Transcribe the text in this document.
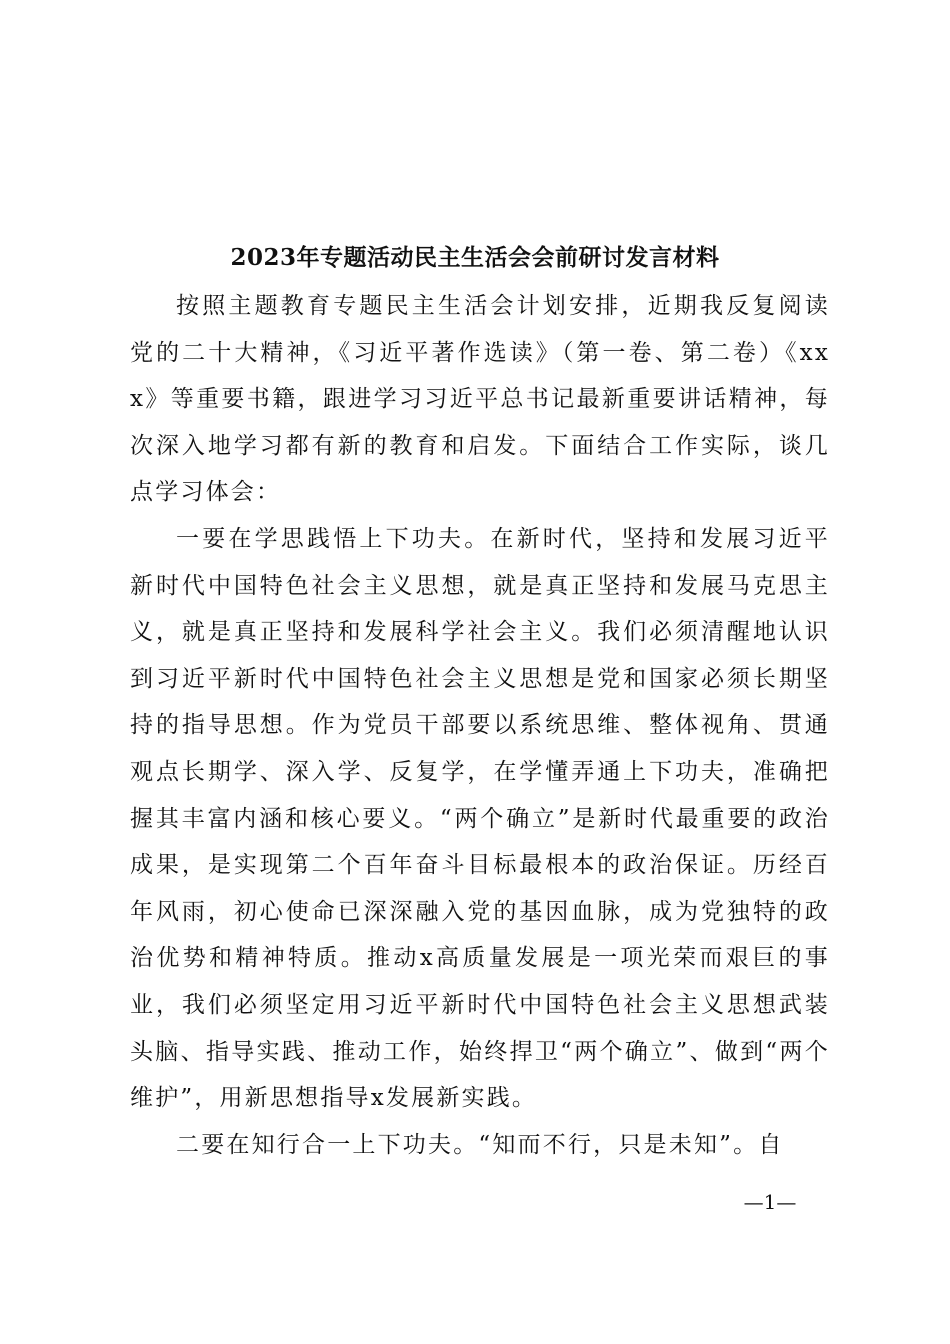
2023年专题活动民主生活会会前研讨发言材料

按照主题教育专题民主生活会计划安排，近期我反复阅读党的二十大精神，《习近平著作选读》（第一卷、第二卷）《xxx》等重要书籍，跟进学习习近平总书记最新重要讲话精神，每次深入地学习都有新的教育和启发。下面结合工作实际，谈几点学习体会：

一要在学思践悟上下功夫。在新时代，坚持和发展习近平新时代中国特色社会主义思想，就是真正坚持和发展马克思主义，就是真正坚持和发展科学社会主义。我们必须清醒地认识到习近平新时代中国特色社会主义思想是党和国家必须长期坚持的指导思想。作为党员干部要以系统思维、整体视角、贯通观点长期学、深入学、反复学，在学懂弄通上下功夫，准确把握其丰富内涵和核心要义。“两个确立”是新时代最重要的政治成果，是实现第二个百年奋斗目标最根本的政治保证。历经百年风雨，初心使命已深深融入党的基因血脉，成为党独特的政治优势和精神特质。推动x高质量发展是一项光荣而艰巨的事业，我们必须坚定用习近平新时代中国特色社会主义思想武装头脑、指导实践、推动工作，始终捍卫“两个确立”、做到“两个维护”，用新思想指导x发展新实践。

二要在知行合一上下功夫。“知而不行，只是未知”。自

—1—
